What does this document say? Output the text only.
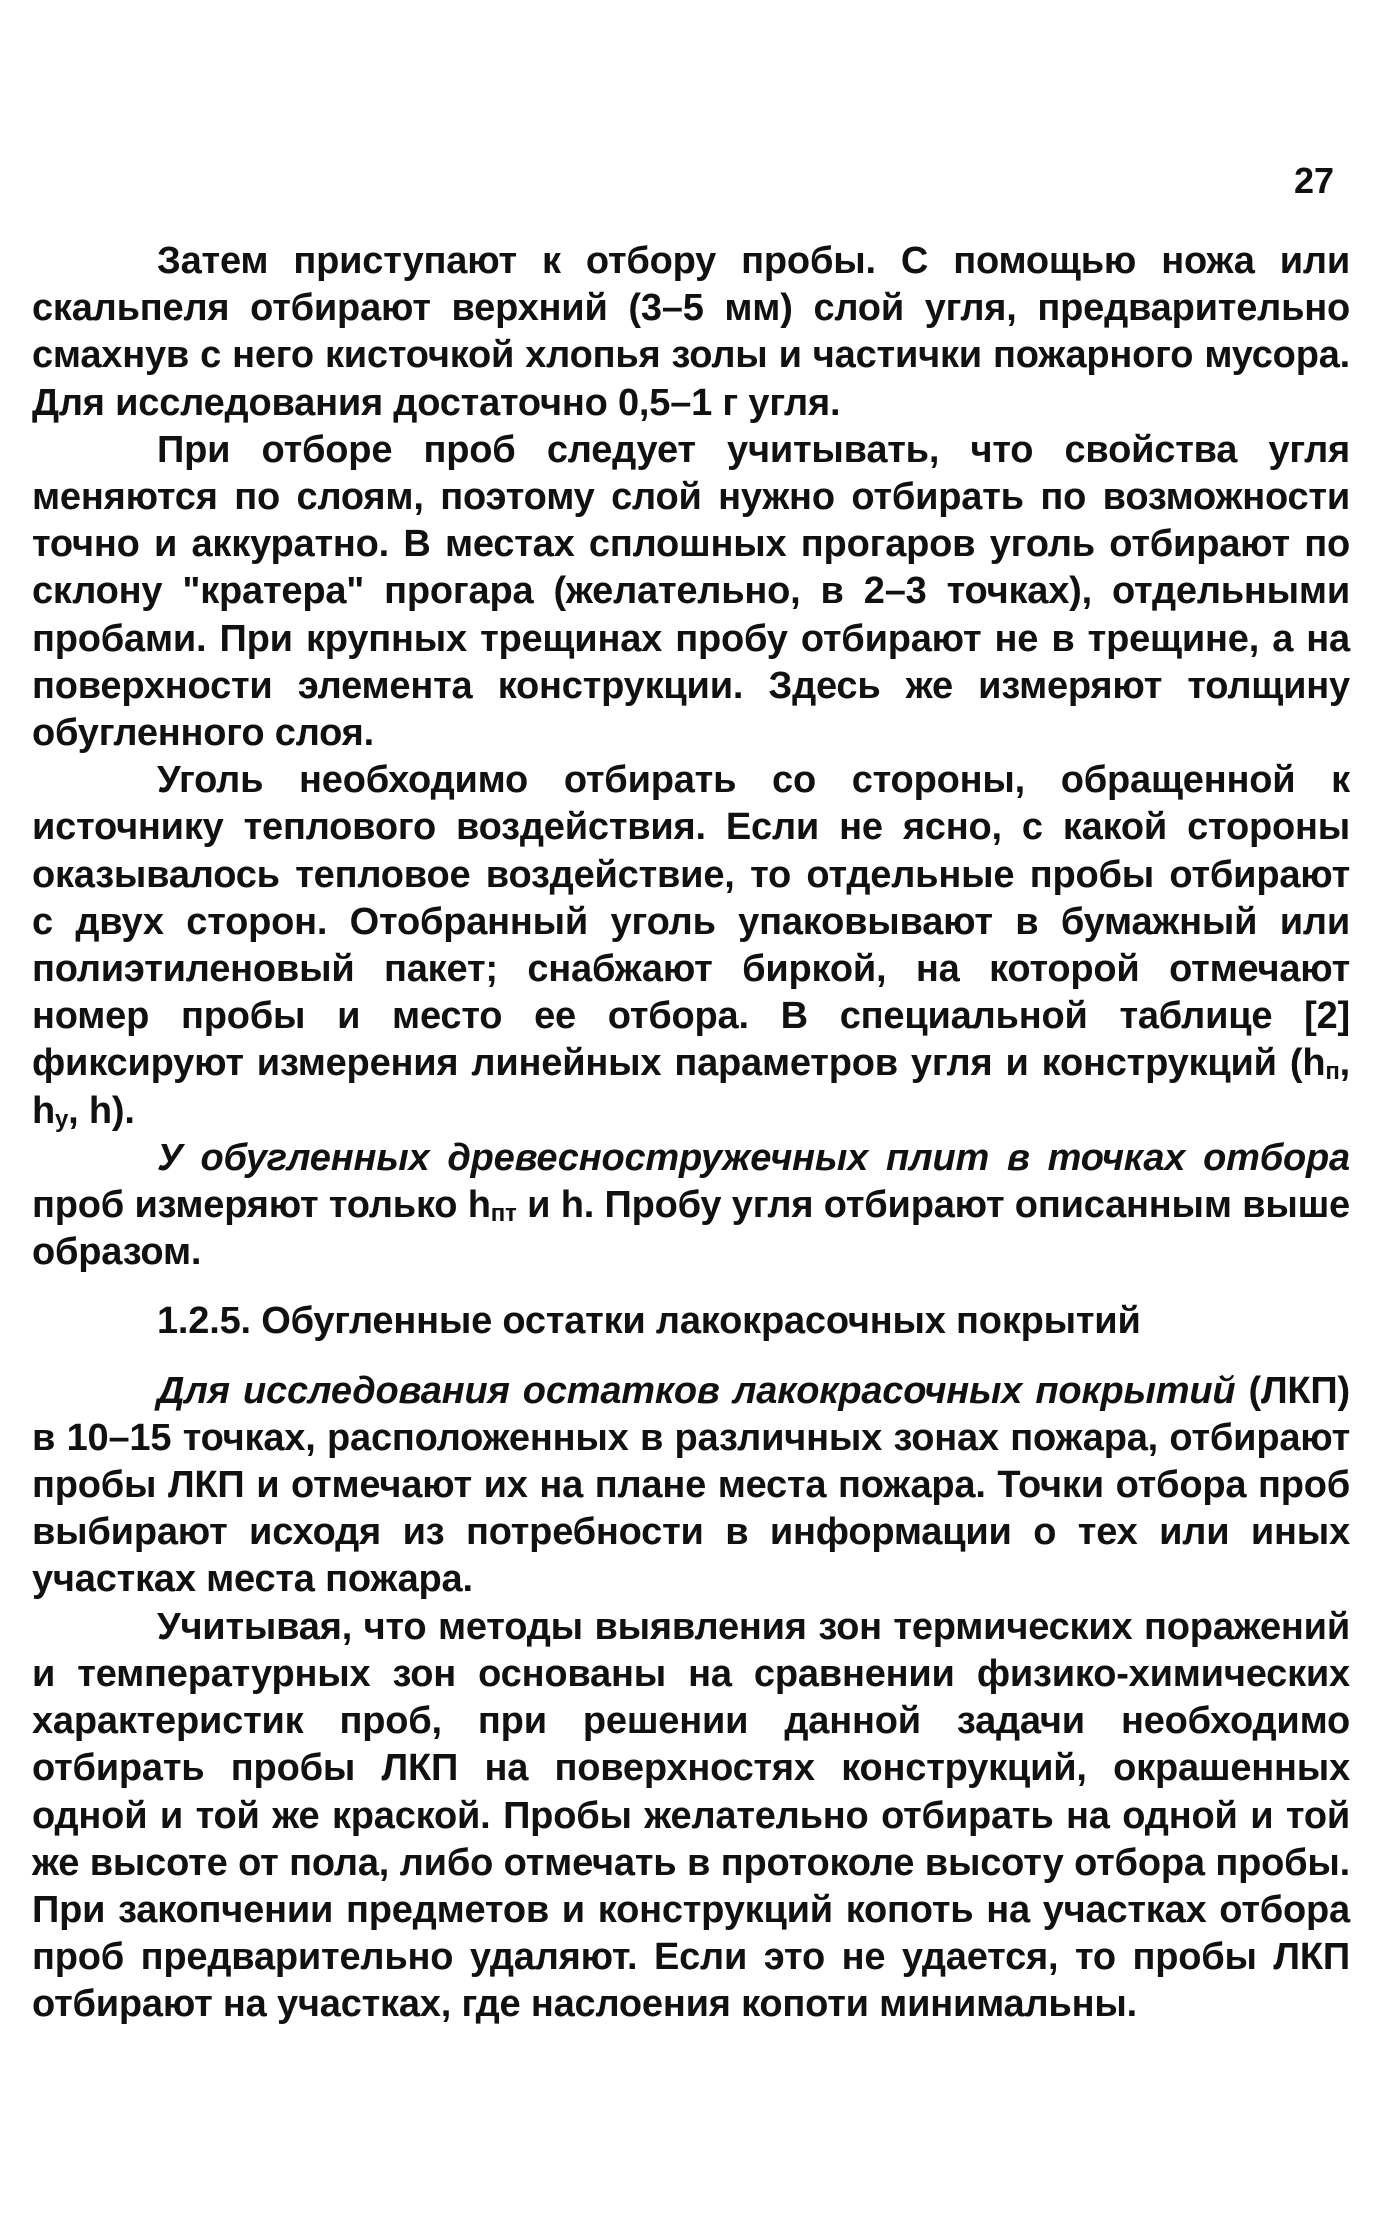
27

Затем приступают к отбору пробы. С помощью ножа или скальпеля отбирают верхний (3–5 мм) слой угля, предварительно смахнув с него кисточкой хлопья золы и частички пожарного мусора. Для исследования достаточно 0,5–1 г угля.

При отборе проб следует учитывать, что свойства угля меняются по слоям, поэтому слой нужно отбирать по возможности точно и аккуратно. В местах сплошных прогаров уголь отбирают по склону "кратера" прогара (желательно, в 2–3 точках), отдельными пробами. При крупных трещинах пробу отбирают не в трещине, а на поверхности элемента конструкции. Здесь же измеряют толщину обугленного слоя.

Уголь необходимо отбирать со стороны, обращенной к источнику теплового воздействия. Если не ясно, с какой стороны оказывалось тепловое воздействие, то отдельные пробы отбирают с двух сторон. Отобранный уголь упаковывают в бумажный или полиэтиленовый пакет; снабжают биркой, на которой отмечают номер пробы и место ее отбора. В специальной таблице [2] фиксируют измерения линейных параметров угля и конструкций ($h_п$, $h_y$, h).

У обугленных древесностружечных плит в точках отбора проб измеряют только $h_{пт}$ и h. Пробу угля отбирают описанным выше образом.

1.2.5. Обугленные остатки лакокрасочных покрытий

Для исследования остатков лакокрасочных покрытий (ЛКП) в 10–15 точках, расположенных в различных зонах пожара, отбирают пробы ЛКП и отмечают их на плане места пожара. Точки отбора проб выбирают исходя из потребности в информации о тех или иных участках места пожара.

Учитывая, что методы выявления зон термических поражений и температурных зон основаны на сравнении физико-химических характеристик проб, при решении данной задачи необходимо отбирать пробы ЛКП на поверхностях конструкций, окрашенных одной и той же краской. Пробы желательно отбирать на одной и той же высоте от пола, либо отмечать в протоколе высоту отбора пробы. При закопчении предметов и конструкций копоть на участках отбора проб предварительно удаляют. Если это не удается, то пробы ЛКП отбирают на участках, где наслоения копоти минимальны.
